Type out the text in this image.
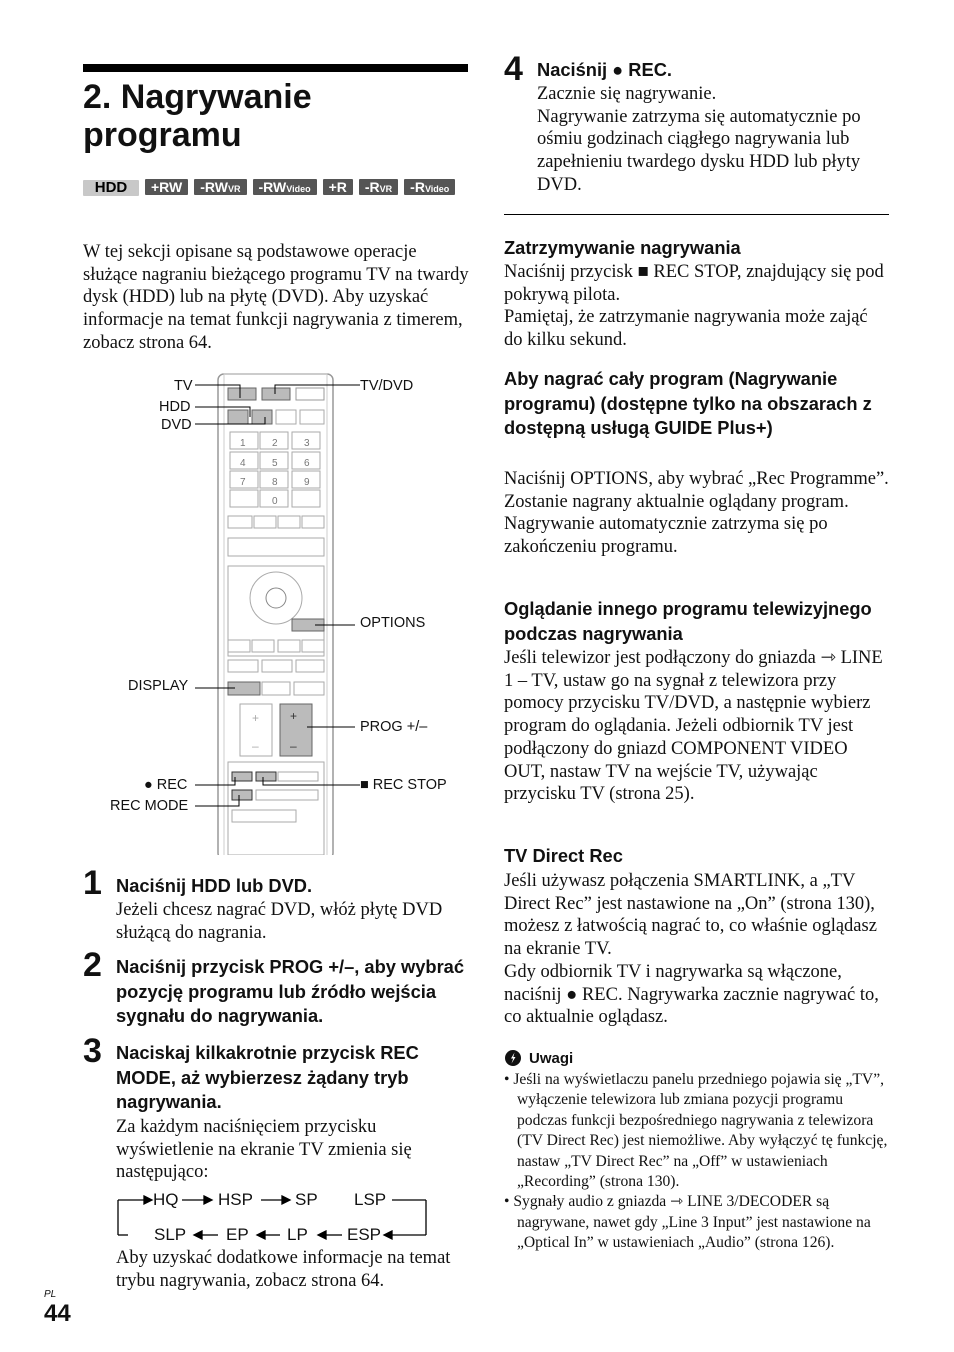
2. Nagrywanie programu
HDD +RW -RWVR -RWVideo +R -RVR -RVideo

W tej sekcji opisane są podstawowe operacje służące nagraniu bieżącego programu TV na twardy dysk (HDD) lub na płytę (DVD). Aby uzyskać informacje na temat funkcji nagrywania z timerem, zobacz strona 64.

1	2	3
4	5	6
7	8	9
0
+
–
+
–
TV
HDD
DVD
TV/DVD
OPTIONS
DISPLAY
PROG +/–
● REC	■ REC STOP
REC MODE
1 Naciśnij HDD lub DVD.

Jeżeli chcesz nagrać DVD, włóż płytę DVD służącą do nagrania.

2 Naciśnij przycisk PROG +/–, aby wybrać pozycję programu lub źródło wejścia sygnału do nagrywania.

3 Naciskaj kilkakrotnie przycisk REC MODE, aż wybierzesz żądany tryb nagrywania.

Za każdym naciśnięciem przycisku wyświetlenie na ekranie TV zmienia się następująco:

HQ HSP SP LSP
SLP EP LP ESP

Aby uzyskać dodatkowe informacje na temat trybu nagrywania, zobacz strona 64.

PL
44
4 Naciśnij ● REC.

Zacznie się nagrywanie.
Nagrywanie zatrzyma się automatycznie po ośmiu godzinach ciągłego nagrywania lub zapełnieniu twardego dysku HDD lub płyty DVD.

Zatrzymywanie nagrywania

Naciśnij przycisk ■ REC STOP, znajdujący się pod pokrywą pilota.
Pamiętaj, że zatrzymanie nagrywania może zająć do kilku sekund.

Aby nagrać cały program (Nagrywanie programu) (dostępne tylko na obszarach z dostępną usługą GUIDE Plus+)

Naciśnij OPTIONS, aby wybrać „Rec Programme”. Zostanie nagrany aktualnie oglądany program. Nagrywanie automatycznie zatrzyma się po zakończeniu programu.

Oglądanie innego programu telewizyjnego podczas nagrywania

Jeśli telewizor jest podłączony do gniazda ⇾ LINE 1 – TV, ustaw go na sygnał z telewizora przy pomocy przycisku TV/DVD, a następnie wybierz program do oglądania. Jeżeli odbiornik TV jest podłączony do gniazd COMPONENT VIDEO OUT, nastaw TV na wejście TV, używając przycisku TV (strona 25).

TV Direct Rec

Jeśli używasz połączenia SMARTLINK, a „TV Direct Rec” jest nastawione na „On” (strona 130), możesz z łatwością nagrać to, co właśnie oglądasz na ekranie TV.
Gdy odbiornik TV i nagrywarka są włączone, naciśnij ● REC. Nagrywarka zacznie nagrywać to, co aktualnie oglądasz.

Uwagi
• Jeśli na wyświetlaczu panelu przedniego pojawia się „TV”, wyłączenie telewizora lub zmiana pozycji programu podczas funkcji bezpośredniego nagrywania z telewizora (TV Direct Rec) jest niemożliwe. Aby wyłączyć tę funkcję, nastaw „TV Direct Rec” na „Off” w ustawieniach „Recording” (strona 130).
• Sygnały audio z gniazda ⇾ LINE 3/DECODER są nagrywane, nawet gdy „Line 3 Input” jest nastawione na „Optical In” w ustawieniach „Audio” (strona 126).
